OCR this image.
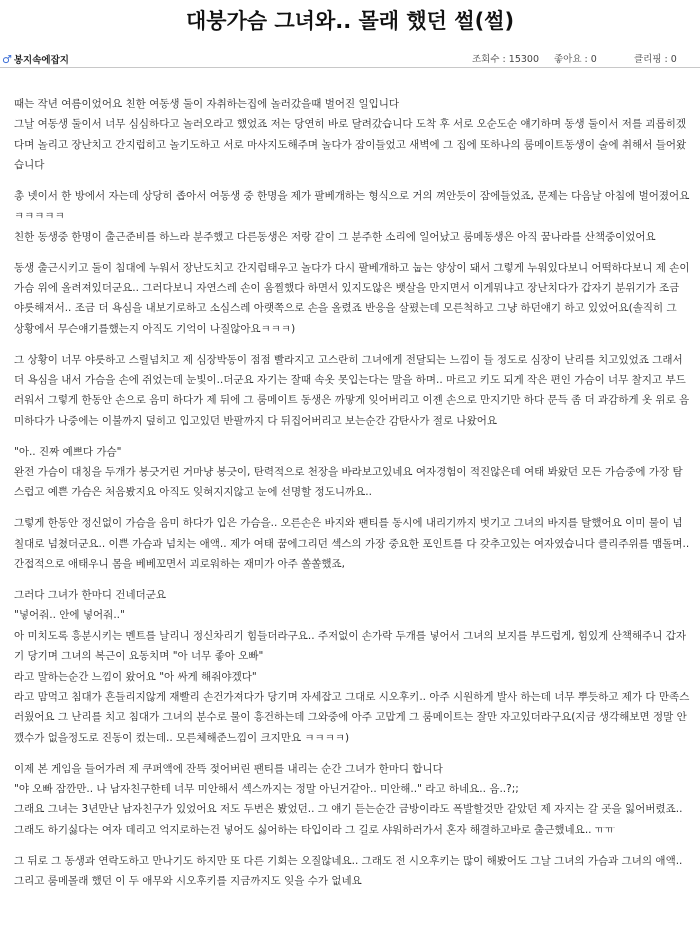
대붕가슴 그녀와.. 몰래 했던 썰(썰)
♂ 봉지속에잡지	조회수 : 15300 좋아요 : 0	클리핑 : 0

때는 작년 여름이었어요 친한 여동생 둘이 자취하는집에 놀러갔을때 벌어진 일입니다

그날 여동생 둘이서 너무 심심하다고 놀러오라고 했었죠 저는 당연히 바로 달려갔습니다 도착 후 서로 오순도순 얘기하며 동생 둘이서 저를 괴롭히겠다며 놀리고 장난치고 간지럽히고 놀기도하고 서로 마사지도해주며 놀다가 잠이들었고 새벽에 그 집에 또하나의 룸메이트동생이 술에 취해서 들어왔습니다

총 넷이서 한 방에서 자는데 상당히 좁아서 여동생 중 한명을 제가 팔베개하는 형식으로 거의 껴안듯이 잠에들었죠, 문제는 다음날 아침에 벌어졌어요 ㅋㅋㅋㅋㅋ

친한 동생중 한명이 출근준비를 하느라 분주했고 다른동생은 저랑 같이 그 분주한 소리에 일어났고 룸메동생은 아직 꿈나라를 산책중이었어요

동생 출근시키고 둘이 침대에 누워서 장난도치고 간지럼태우고 놀다가 다시 팔베개하고 눕는 양상이 돼서 그렇게 누워있다보니 어떡하다보니 제 손이 가슴 위에 올려져있더군요.. 그러다보니 자연스레 손이 움찔했다 하면서 있지도않은 뱃살을 만지면서 이게뭐냐고 장난치다가 갑자기 분위기가 조금 야릇해져서.. 조금 더 욕심을 내보기로하고 소심스레 아랫쪽으로 손을 올렸죠 반응을 살폈는데 모른척하고 그냥 하던얘기 하고 있었어요(솔직히 그 상황에서 무슨얘기를했는지 아직도 기억이 나질않아요ㅋㅋㅋ)

그 상황이 너무 야릇하고 스릴넘치고 제 심장박동이 점점 빨라지고 고스란히 그녀에게 전달되는 느낌이 들 정도로 심장이 난리를 치고있었죠 그래서 더 욕심을 내서 가슴을 손에 쥐었는데 눈빛이..더군요 자기는 잘때 속옷 못입는다는 말을 하며.. 마르고 키도 되게 작은 편인 가슴이 너무 찰지고 부드러워서 그렇게 한동안 손으로 음미 하다가 제 뒤에 그 룸메이트 동생은 까맣게 잊어버리고 이젠 손으로 만지기만 하다 문득 좀 더 과감하게 옷 위로 음미하다가 나중에는 이불까지 덮히고 입고있던 반팔까지 다 뒤집어버리고 보는순간 감탄사가 절로 나왔어요

"아.. 진짜 예쁘다 가슴"

완전 가슴이 대칭을 두개가 봉긋거린 거마냥 봉긋이, 탄력적으로 천장을 바라보고있네요 여자경험이 적진않은데 여태 봐왔던 모든 가슴중에 가장 탐스럽고 예쁜 가슴은 처음봤지요 아직도 잊혀지지않고 눈에 선명할 정도니까요..

그렇게 한동안 정신없이 가슴을 음미 하다가 입은 가슴을.. 오른손은 바지와 팬티를 동시에 내리기까지 벗기고 그녀의 바지를 탈했어요 이미 물이 넘칠대로 넘쳤더군요.. 이쁜 가슴과 넘치는 애액.. 제가 여태 꿈에그리던 섹스의 가장 중요한 포인트를 다 갖추고있는 여자였습니다 클리주위를 맴돌며.. 간접적으로 애태우니 몸을 베베꼬면서 괴로워하는 재미가 아주 쏠쏠했죠,

그러다 그녀가 한마디 건네더군요

"넣어줘.. 안에 넣어줘.."

아 미치도록 흥분시키는 멘트를 날리니 정신차리기 힘들더라구요.. 주저없이 손가락 두개를 넣어서 그녀의 보지를 부드럽게, 힘있게 산책해주니 갑자기 당기며 그녀의 복근이 요동치며 "아 너무 좋아 오빠"

라고 말하는순간 느낌이 왔어요 "아 싸게 해줘야겠다"

라고 맘먹고 침대가 흔들리지않게 재빨리 손건가져다가 당기며 자세잡고 그대로 시오후키.. 아주 시원하게 발사 하는데 너무 뿌듯하고 제가 다 만족스러웠어요 그 난리를 치고 침대가 그녀의 분수로 물이 흥건하는데 그와중에 아주 고맙게 그 룸메이트는 잘만 자고있더라구요(지금 생각해보면 정말 안깼수가 없을정도로 진동이 컸는데.. 모른체해준느낌이 크지만요 ㅋㅋㅋㅋ)

이제 본 게임을 들어가려 제 쿠퍼액에 잔뜩 젖어버린 팬티를 내리는 순간 그녀가 한마디 합니다

"야 오빠 잠깐만.. 나 남자친구한테 너무 미안해서 섹스까지는 정말 아닌거같아.. 미안해.." 라고 하네요.. 음..?;;

그래요 그녀는 3년만난 남자친구가 있었어요 저도 두번은 봤었던.. 그 얘기 듣는순간 금방이라도 폭발할것만 같았던 제 자지는 갈 곳을 잃어버렸죠.. 그래도 하기싫다는 여자 데리고 억지로하는건 넣어도 싫어하는 타입이라 그 길로 샤워하러가서 혼자 해결하고바로 출근했네요.. ㅠㅠ

그 뒤로 그 동생과 연락도하고 만나기도 하지만 또 다른 기회는 오질않네요.. 그래도 전 시오후키는 많이 해봤어도 그날 그녀의 가슴과 그녀의 애액.. 그리고 룸메몰래 했던 이 두 애무와 시오후키를 지금까지도 잊을 수가 없네요
